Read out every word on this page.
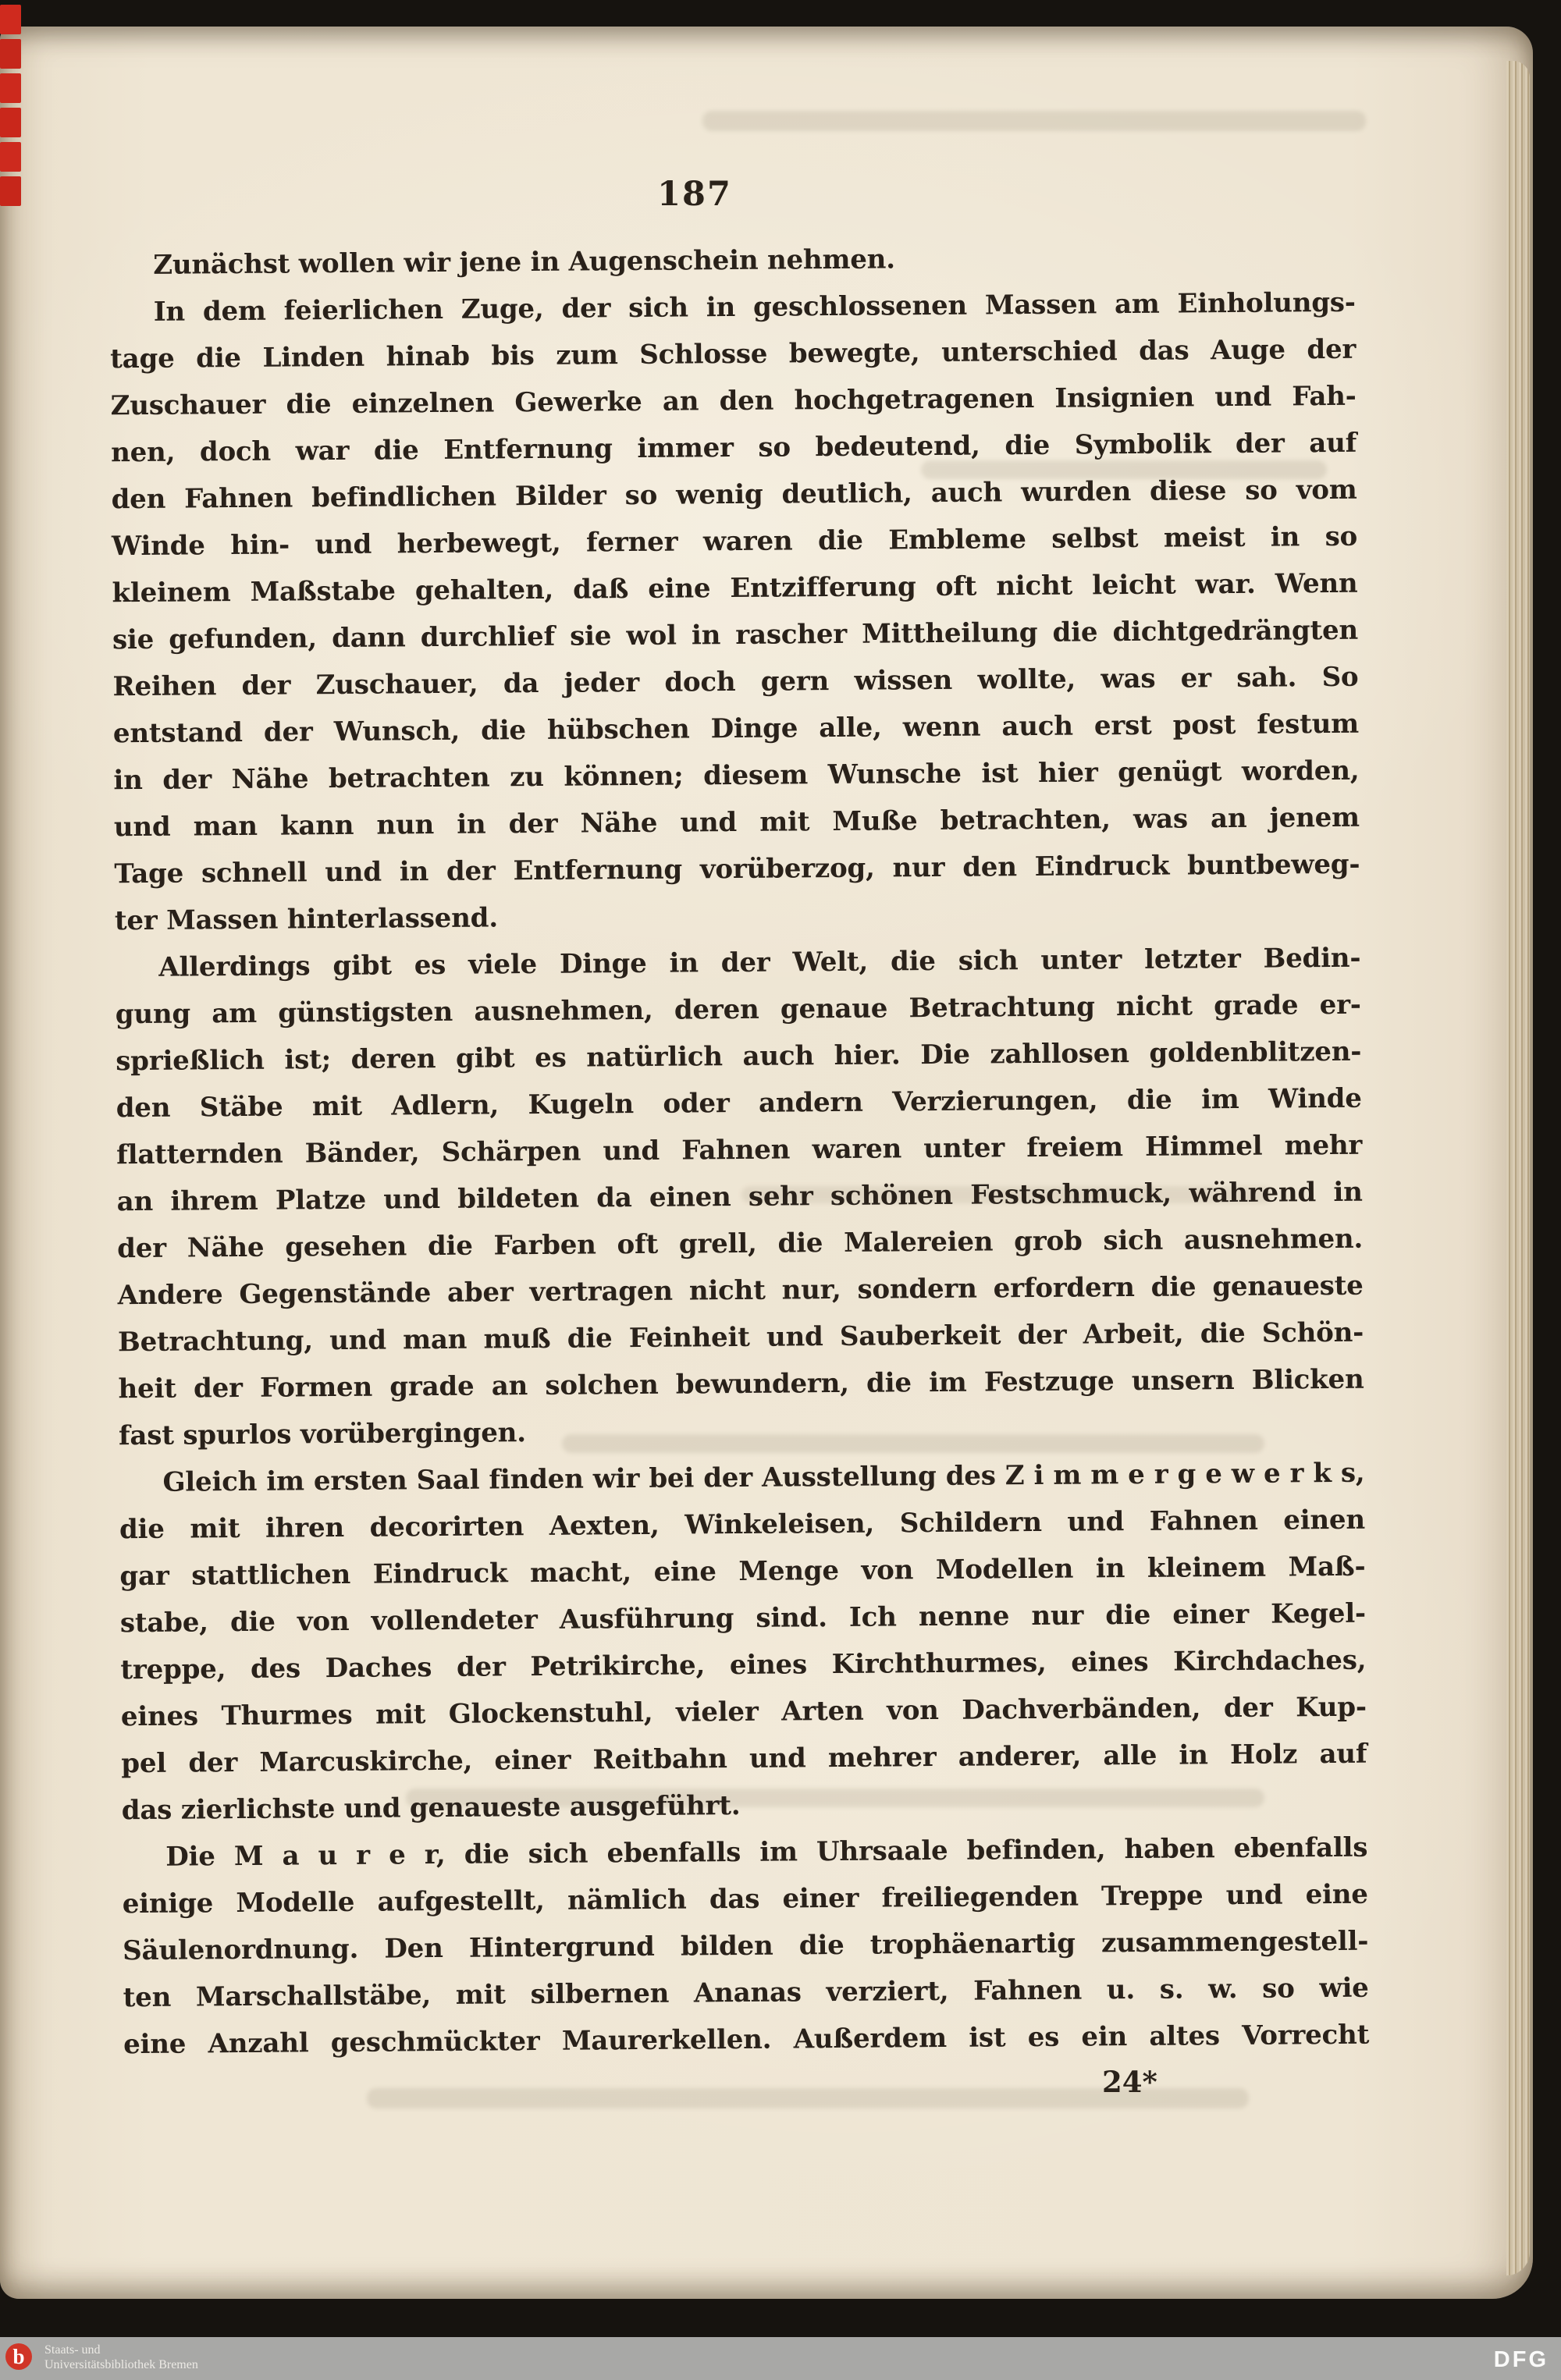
187
Zunächst wollen wir jene in Augenschein nehmen.
In dem feierlichen Zuge, der sich in geschlossenen Massen am Einholungs-
tage die Linden hinab bis zum Schlosse bewegte, unterschied das Auge der
Zuschauer die einzelnen Gewerke an den hochgetragenen Insignien und Fah-
nen, doch war die Entfernung immer so bedeutend, die Symbolik der auf
den Fahnen befindlichen Bilder so wenig deutlich, auch wurden diese so vom
Winde hin- und herbewegt, ferner waren die Embleme selbst meist in so
kleinem Maßstabe gehalten, daß eine Entzifferung oft nicht leicht war. Wenn
sie gefunden, dann durchlief sie wol in rascher Mittheilung die dichtgedrängten
Reihen der Zuschauer, da jeder doch gern wissen wollte, was er sah. So
entstand der Wunsch, die hübschen Dinge alle, wenn auch erst post festum
in der Nähe betrachten zu können; diesem Wunsche ist hier genügt worden,
und man kann nun in der Nähe und mit Muße betrachten, was an jenem
Tage schnell und in der Entfernung vorüberzog, nur den Eindruck buntbeweg-
ter Massen hinterlassend.
Allerdings gibt es viele Dinge in der Welt, die sich unter letzter Bedin-
gung am günstigsten ausnehmen, deren genaue Betrachtung nicht grade er-
sprießlich ist; deren gibt es natürlich auch hier. Die zahllosen goldenblitzen-
den Stäbe mit Adlern, Kugeln oder andern Verzierungen, die im Winde
flatternden Bänder, Schärpen und Fahnen waren unter freiem Himmel mehr
an ihrem Platze und bildeten da einen sehr schönen Festschmuck, während in
der Nähe gesehen die Farben oft grell, die Malereien grob sich ausnehmen.
Andere Gegenstände aber vertragen nicht nur, sondern erfordern die genaueste
Betrachtung, und man muß die Feinheit und Sauberkeit der Arbeit, die Schön-
heit der Formen grade an solchen bewundern, die im Festzuge unsern Blicken
fast spurlos vorübergingen.
Gleich im ersten Saal finden wir bei der Ausstellung des Z i m m e r g e w e r k s,
die mit ihren decorirten Aexten, Winkeleisen, Schildern und Fahnen einen
gar stattlichen Eindruck macht, eine Menge von Modellen in kleinem Maß-
stabe, die von vollendeter Ausführung sind. Ich nenne nur die einer Kegel-
treppe, des Daches der Petrikirche, eines Kirchthurmes, eines Kirchdaches,
eines Thurmes mit Glockenstuhl, vieler Arten von Dachverbänden, der Kup-
pel der Marcuskirche, einer Reitbahn und mehrer anderer, alle in Holz auf
das zierlichste und genaueste ausgeführt.
Die M a u r e r, die sich ebenfalls im Uhrsaale befinden, haben ebenfalls
einige Modelle aufgestellt, nämlich das einer freiliegenden Treppe und eine
Säulenordnung. Den Hintergrund bilden die trophäenartig zusammengestell-
ten Marschallstäbe, mit silbernen Ananas verziert, Fahnen u. s. w. so wie
eine Anzahl geschmückter Maurerkellen. Außerdem ist es ein altes Vorrecht
24*
b Staats- und
Universitätsbibliothek Bremen	DFG
